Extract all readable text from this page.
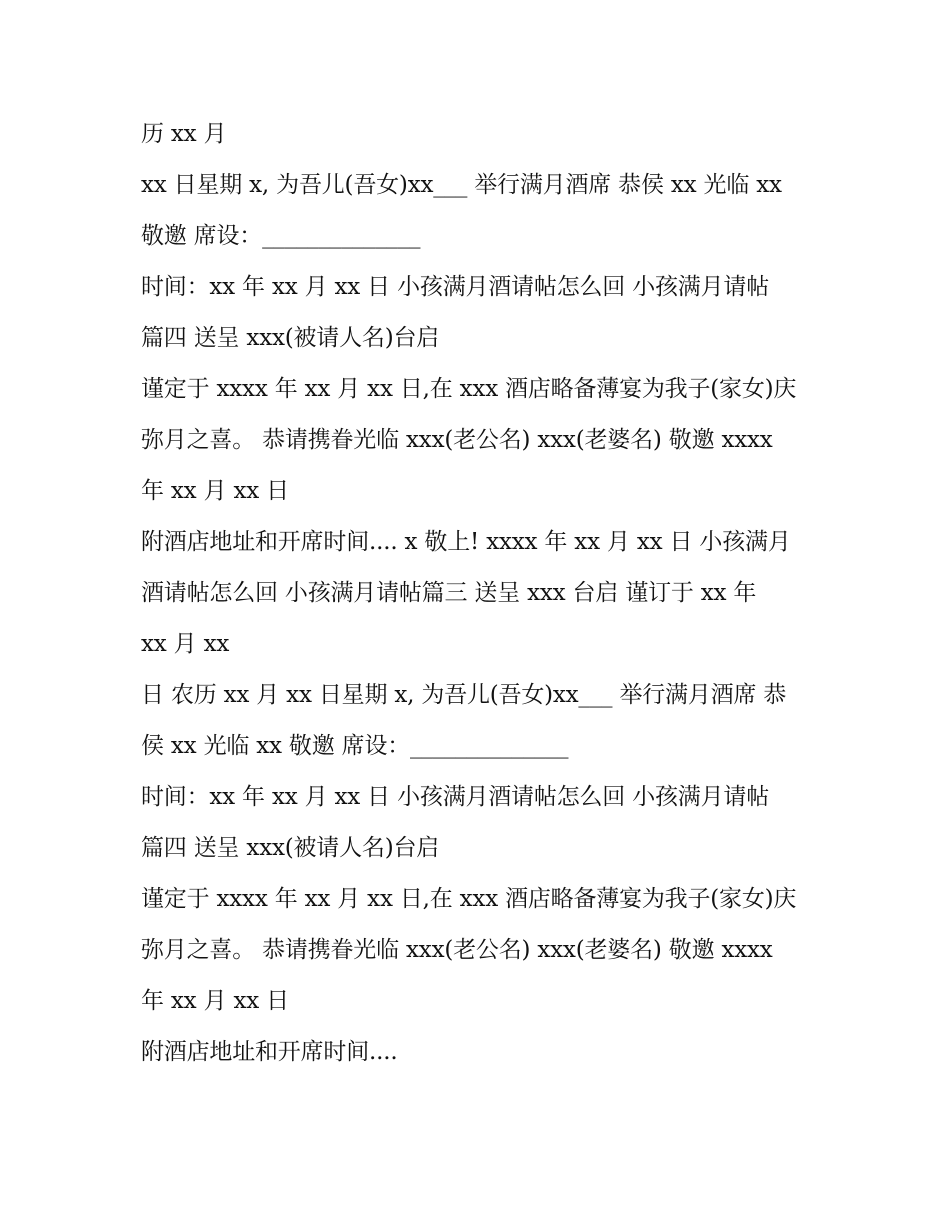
历 xx 月
xx 日星期 x, 为吾儿(吾女)xx___ 举行满月酒席 恭侯 xx 光临 xx
敬邀 席设：______________
时间：xx 年 xx 月 xx 日 小孩满月酒请帖怎么回 小孩满月请帖
篇四 送呈 xxx(被请人名)台启
谨定于 xxxx 年 xx 月 xx 日,在 xxx 酒店略备薄宴为我子(家女)庆
弥月之喜。 恭请携眷光临 xxx(老公名) xxx(老婆名) 敬邀 xxxx
年 xx 月 xx 日
附酒店地址和开席时间.... x 敬上! xxxx 年 xx 月 xx 日 小孩满月
酒请帖怎么回 小孩满月请帖篇三 送呈 xxx 台启 谨订于 xx 年
xx 月 xx
日 农历 xx 月 xx 日星期 x, 为吾儿(吾女)xx___ 举行满月酒席 恭
侯 xx 光临 xx 敬邀 席设：______________
时间：xx 年 xx 月 xx 日 小孩满月酒请帖怎么回 小孩满月请帖
篇四 送呈 xxx(被请人名)台启
谨定于 xxxx 年 xx 月 xx 日,在 xxx 酒店略备薄宴为我子(家女)庆
弥月之喜。 恭请携眷光临 xxx(老公名) xxx(老婆名) 敬邀 xxxx
年 xx 月 xx 日
附酒店地址和开席时间....
